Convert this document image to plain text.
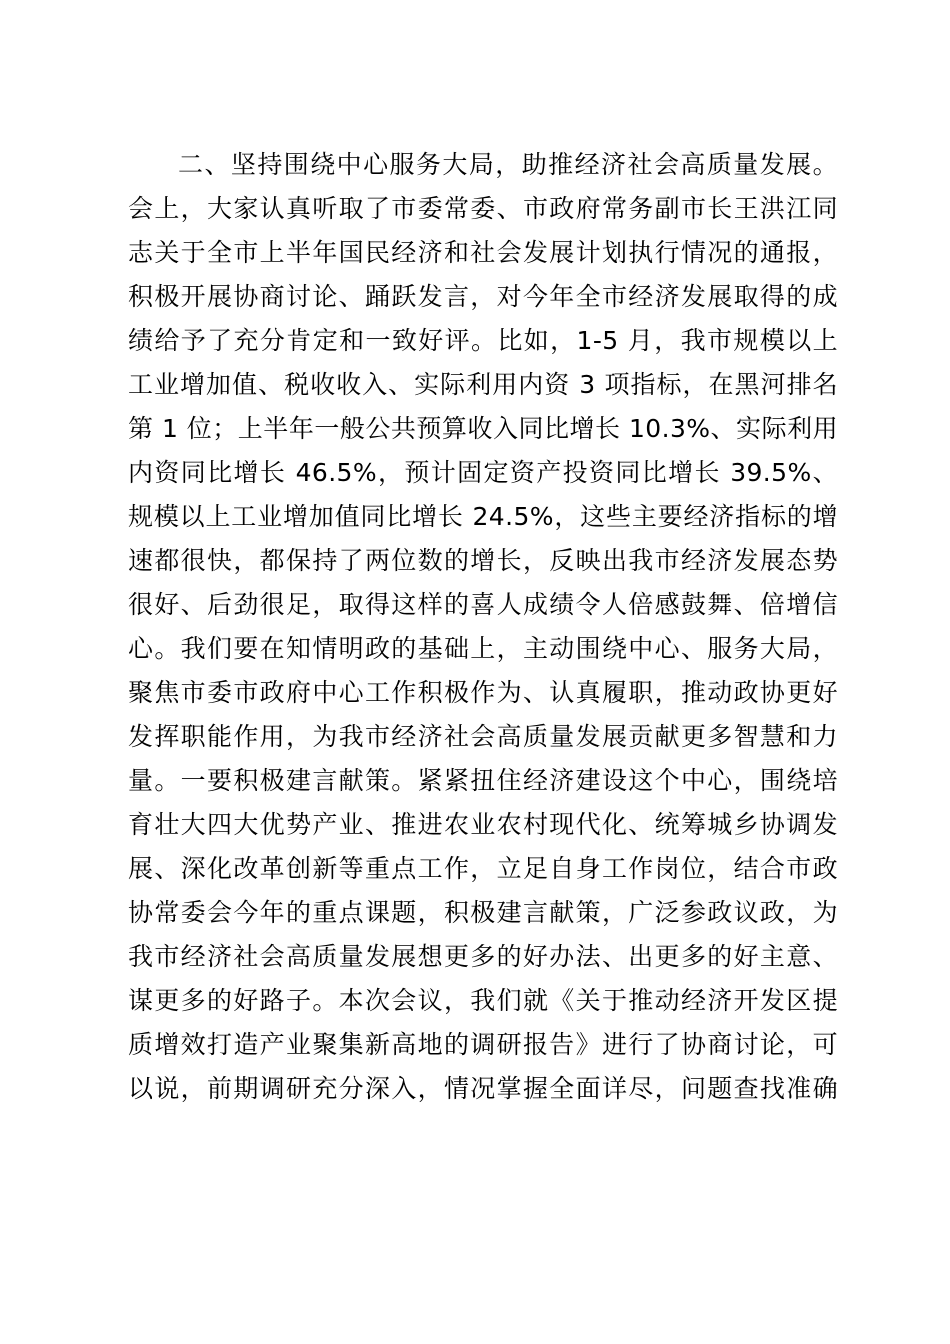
二、坚持围绕中心服务大局，助推经济社会高质量发展。
会上，大家认真听取了市委常委、市政府常务副市长王洪江同
志关于全市上半年国民经济和社会发展计划执行情况的通报，
积极开展协商讨论、踊跃发言，对今年全市经济发展取得的成
绩给予了充分肯定和一致好评。比如，1-5 月，我市规模以上
工业增加值、税收收入、实际利用内资 3 项指标，在黑河排名
第 1 位；上半年一般公共预算收入同比增长 10.3%、实际利用
内资同比增长 46.5%，预计固定资产投资同比增长 39.5%、
规模以上工业增加值同比增长 24.5%，这些主要经济指标的增
速都很快，都保持了两位数的增长，反映出我市经济发展态势
很好、后劲很足，取得这样的喜人成绩令人倍感鼓舞、倍增信
心。我们要在知情明政的基础上，主动围绕中心、服务大局，
聚焦市委市政府中心工作积极作为、认真履职，推动政协更好
发挥职能作用，为我市经济社会高质量发展贡献更多智慧和力
量。一要积极建言献策。紧紧扭住经济建设这个中心，围绕培
育壮大四大优势产业、推进农业农村现代化、统筹城乡协调发
展、深化改革创新等重点工作，立足自身工作岗位，结合市政
协常委会今年的重点课题，积极建言献策，广泛参政议政，为
我市经济社会高质量发展想更多的好办法、出更多的好主意、
谋更多的好路子。本次会议，我们就《关于推动经济开发区提
质增效打造产业聚集新高地的调研报告》进行了协商讨论，可
以说，前期调研充分深入，情况掌握全面详尽，问题查找准确
